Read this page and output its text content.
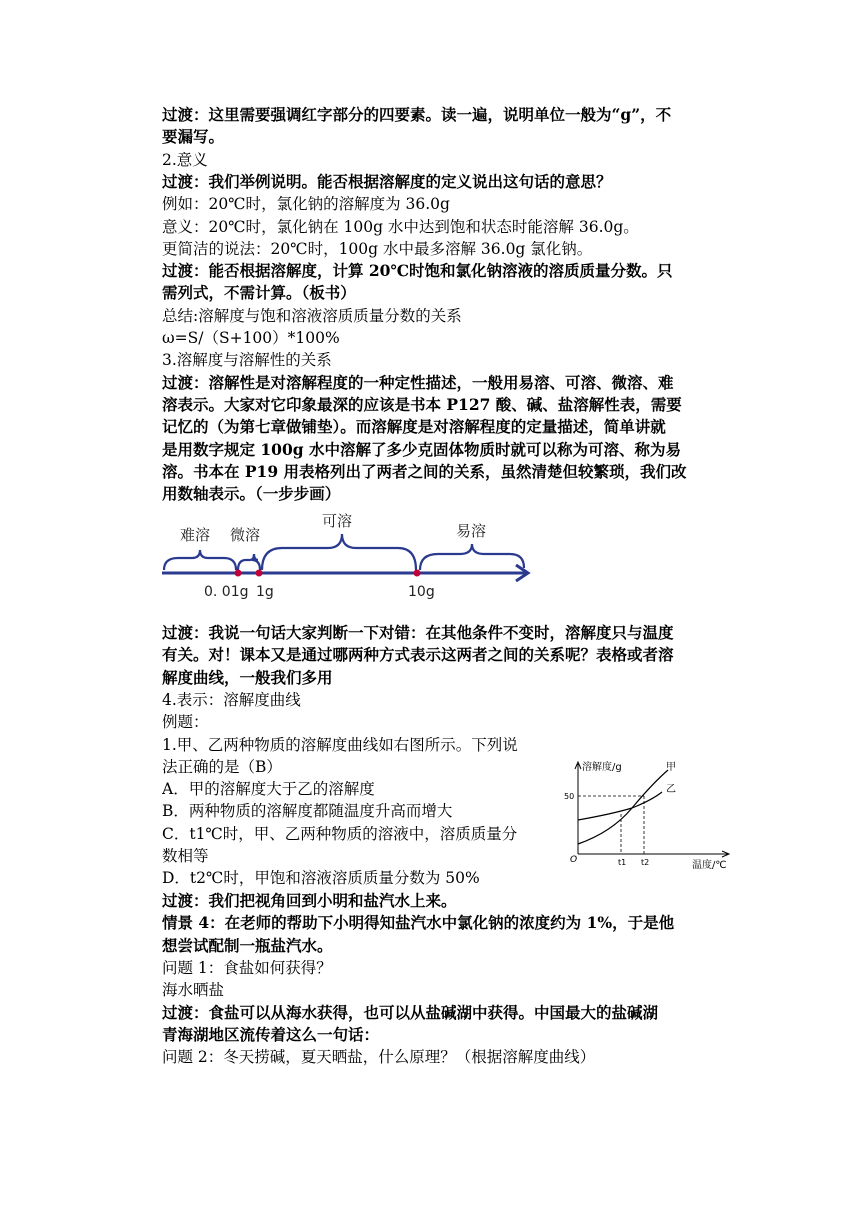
过渡：这里需要强调红字部分的四要素。读一遍，说明单位一般为“g”，不
要漏写。
2.意义
过渡：我们举例说明。能否根据溶解度的定义说出这句话的意思？
例如：20℃时，氯化钠的溶解度为 36.0g
意义：20℃时，氯化钠在 100g 水中达到饱和状态时能溶解 36.0g。
更简洁的说法：20℃时，100g 水中最多溶解 36.0g 氯化钠。
过渡：能否根据溶解度，计算 20℃时饱和氯化钠溶液的溶质质量分数。只
需列式，不需计算。（板书）
总结:溶解度与饱和溶液溶质质量分数的关系
ω=S/（S+100）*100%
3.溶解度与溶解性的关系
过渡：溶解性是对溶解程度的一种定性描述，一般用易溶、可溶、微溶、难
溶表示。大家对它印象最深的应该是书本 P127 酸、碱、盐溶解性表，需要
记忆的（为第七章做铺垫）。而溶解度是对溶解程度的定量描述，简单讲就
是用数字规定 100g 水中溶解了多少克固体物质时就可以称为可溶、称为易
溶。书本在 P19 用表格列出了两者之间的关系，虽然清楚但较繁琐，我们改
用数轴表示。（一步步画）
过渡：我说一句话大家判断一下对错：在其他条件不变时，溶解度只与温度
有关。对！课本又是通过哪两种方式表示这两者之间的关系呢？表格或者溶
解度曲线，一般我们多用
4.表示：溶解度曲线
例题：
1.甲、乙两种物质的溶解度曲线如右图所示。下列说
法正确的是（B）
A．甲的溶解度大于乙的溶解度
B．两种物质的溶解度都随温度升高而增大
C．t1℃时，甲、乙两种物质的溶液中，溶质质量分
数相等
D．t2℃时，甲饱和溶液溶质质量分数为 50%
过渡：我们把视角回到小明和盐汽水上来。
情景 4：在老师的帮助下小明得知盐汽水中氯化钠的浓度约为 1%，于是他
想尝试配制一瓶盐汽水。
问题 1：食盐如何获得？
海水晒盐
过渡：食盐可以从海水获得，也可以从盐碱湖中获得。中国最大的盐碱湖
青海湖地区流传着这么一句话：
问题 2：冬天捞碱，夏天晒盐，什么原理？（根据溶解度曲线）
难溶 微溶
可溶
易溶
0. 01g 1g	10g
溶解度/g
温度/℃
O
50
t1 t2
甲
乙
